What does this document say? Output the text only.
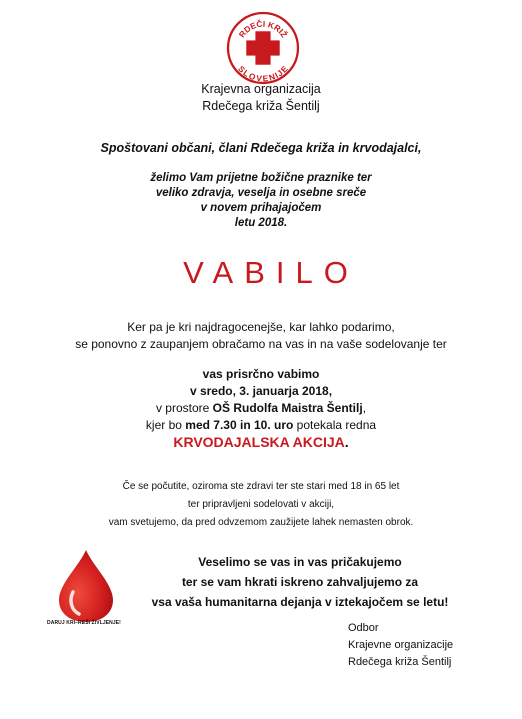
RDEČI KRIŽ
SLOVENIJE
Krajevna organizacija
Rdečega križa Šentilj
Spoštovani občani, člani Rdečega križa in krvodajalci,
želimo Vam prijetne božične praznike ter
veliko zdravja, veselja in osebne sreče
v novem prihajajočem
letu 2018.
VABILO
Ker pa je kri najdragocenejše, kar lahko podarimo,
se ponovno z zaupanjem obračamo na vas in na vaše sodelovanje ter
vas prisrčno vabimo
v sredo, 3. januarja 2018,
v prostore OŠ Rudolfa Maistra Šentilj,
kjer bo med 7.30 in 10. uro potekala redna
KRVODAJALSKA AKCIJA.
Če se počutite, oziroma ste zdravi ter ste stari med 18 in 65 let
ter pripravljeni sodelovati v akciji,
vam svetujemo, da pred odvzemom zaužijete lahek nemasten obrok.
DARUJ KRI–REŠI ŽIVLJENJE!
Veselimo se vas in vas pričakujemo
ter se vam hkrati iskreno zahvaljujemo za
vsa vaša humanitarna dejanja v iztekajočem se letu!
Odbor
Krajevne organizacije
Rdečega križa Šentilj
